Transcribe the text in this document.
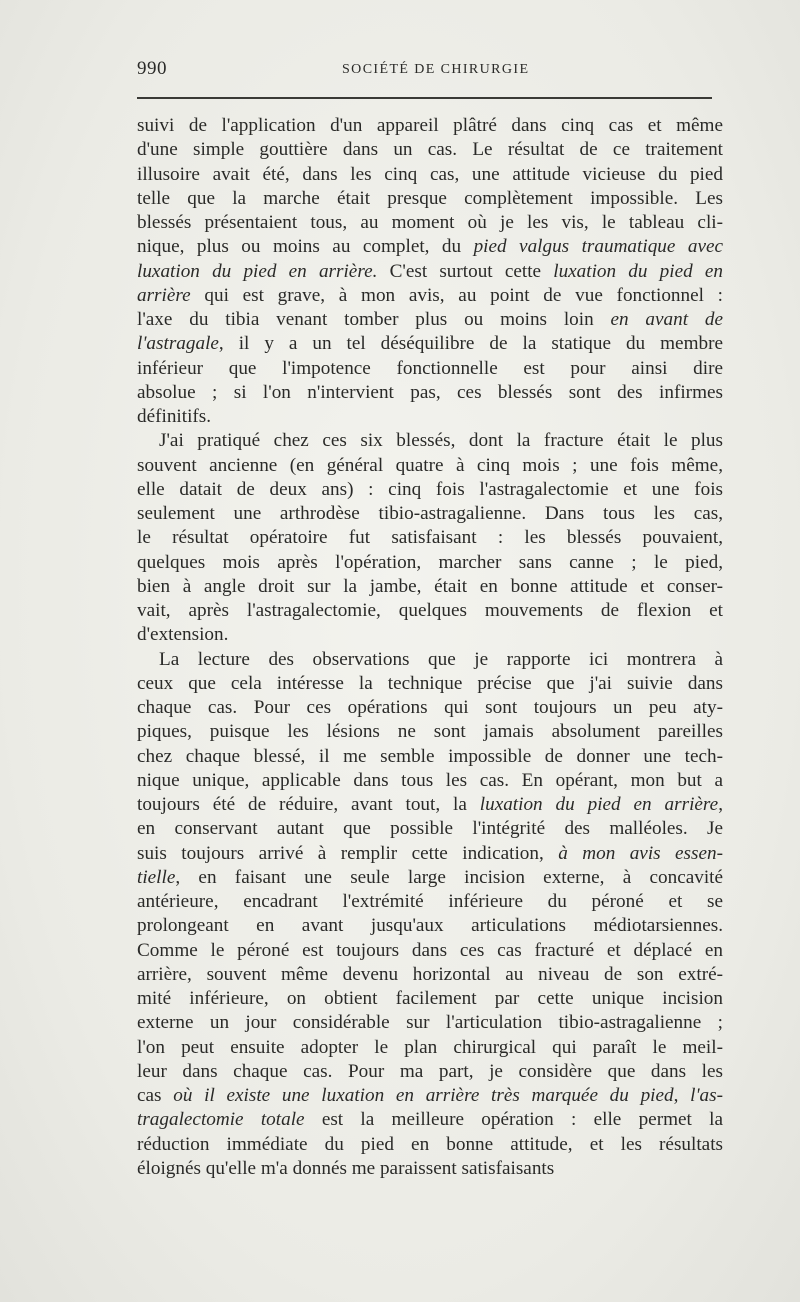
990	SOCIÉTÉ DE CHIRURGIE
suivi de l'application d'un appareil plâtré dans cinq cas et même
d'une simple gouttière dans un cas. Le résultat de ce traitement
illusoire avait été, dans les cinq cas, une attitude vicieuse du pied
telle que la marche était presque complètement impossible. Les
blessés présentaient tous, au moment où je les vis, le tableau cli-
nique, plus ou moins au complet, du pied valgus traumatique avec
luxation du pied en arrière. C'est surtout cette luxation du pied en
arrière qui est grave, à mon avis, au point de vue fonctionnel :
l'axe du tibia venant tomber plus ou moins loin en avant de
l'astragale, il y a un tel déséquilibre de la statique du membre
inférieur que l'impotence fonctionnelle est pour ainsi dire
absolue ; si l'on n'intervient pas, ces blessés sont des infirmes
définitifs.
J'ai pratiqué chez ces six blessés, dont la fracture était le plus
souvent ancienne (en général quatre à cinq mois ; une fois même,
elle datait de deux ans) : cinq fois l'astragalectomie et une fois
seulement une arthrodèse tibio-astragalienne. Dans tous les cas,
le résultat opératoire fut satisfaisant : les blessés pouvaient,
quelques mois après l'opération, marcher sans canne ; le pied,
bien à angle droit sur la jambe, était en bonne attitude et conser-
vait, après l'astragalectomie, quelques mouvements de flexion et
d'extension.
La lecture des observations que je rapporte ici montrera à
ceux que cela intéresse la technique précise que j'ai suivie dans
chaque cas. Pour ces opérations qui sont toujours un peu aty-
piques, puisque les lésions ne sont jamais absolument pareilles
chez chaque blessé, il me semble impossible de donner une tech-
nique unique, applicable dans tous les cas. En opérant, mon but a
toujours été de réduire, avant tout, la luxation du pied en arrière,
en conservant autant que possible l'intégrité des malléoles. Je
suis toujours arrivé à remplir cette indication, à mon avis essen-
tielle, en faisant une seule large incision externe, à concavité
antérieure, encadrant l'extrémité inférieure du péroné et se
prolongeant en avant jusqu'aux articulations médiotarsiennes.
Comme le péroné est toujours dans ces cas fracturé et déplacé en
arrière, souvent même devenu horizontal au niveau de son extré-
mité inférieure, on obtient facilement par cette unique incision
externe un jour considérable sur l'articulation tibio-astragalienne ;
l'on peut ensuite adopter le plan chirurgical qui paraît le meil-
leur dans chaque cas. Pour ma part, je considère que dans les
cas où il existe une luxation en arrière très marquée du pied, l'as-
tragalectomie totale est la meilleure opération : elle permet la
réduction immédiate du pied en bonne attitude, et les résultats
éloignés qu'elle m'a donnés me paraissent satisfaisants
